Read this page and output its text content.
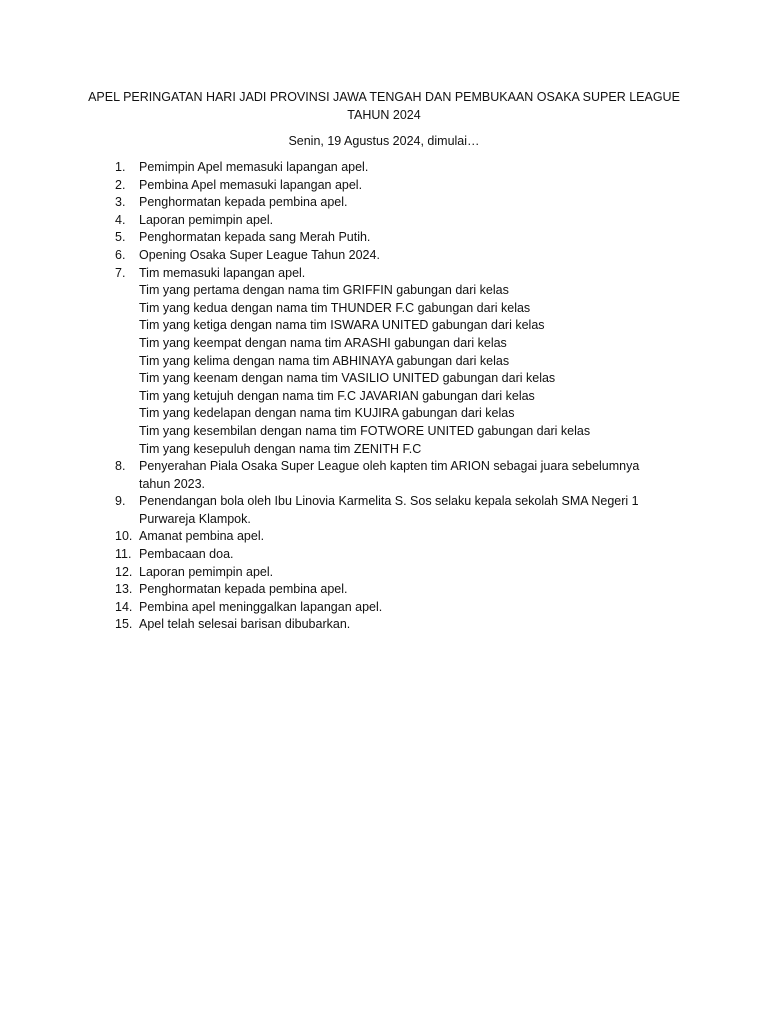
APEL PERINGATAN HARI JADI PROVINSI JAWA TENGAH DAN PEMBUKAAN OSAKA SUPER LEAGUE
TAHUN 2024
Senin, 19 Agustus 2024, dimulai…
1. Pemimpin Apel memasuki lapangan apel.
2. Pembina Apel memasuki lapangan apel.
3. Penghormatan kepada pembina apel.
4. Laporan pemimpin apel.
5. Penghormatan kepada sang Merah Putih.
6. Opening Osaka Super League Tahun 2024.
7. Tim memasuki lapangan apel.
Tim yang pertama dengan nama tim GRIFFIN gabungan dari kelas
Tim yang kedua dengan nama tim THUNDER F.C gabungan dari kelas
Tim yang ketiga dengan nama tim ISWARA UNITED gabungan dari kelas
Tim yang keempat dengan nama tim ARASHI gabungan dari kelas
Tim yang kelima dengan nama tim ABHINAYA gabungan dari kelas
Tim yang keenam dengan nama tim VASILIO UNITED gabungan dari kelas
Tim yang ketujuh dengan nama tim F.C JAVARIAN gabungan dari kelas
Tim yang kedelapan dengan nama tim KUJIRA gabungan dari kelas
Tim yang kesembilan dengan nama tim FOTWORE UNITED gabungan dari kelas
Tim yang kesepuluh dengan nama tim ZENITH F.C
8. Penyerahan Piala Osaka Super League oleh kapten tim ARION sebagai juara sebelumnya
tahun 2023.
9. Penendangan bola oleh Ibu Linovia Karmelita S. Sos selaku kepala sekolah SMA Negeri 1
Purwareja Klampok.
10. Amanat pembina apel.
11. Pembacaan doa.
12. Laporan pemimpin apel.
13. Penghormatan kepada pembina apel.
14. Pembina apel meninggalkan lapangan apel.
15. Apel telah selesai barisan dibubarkan.
